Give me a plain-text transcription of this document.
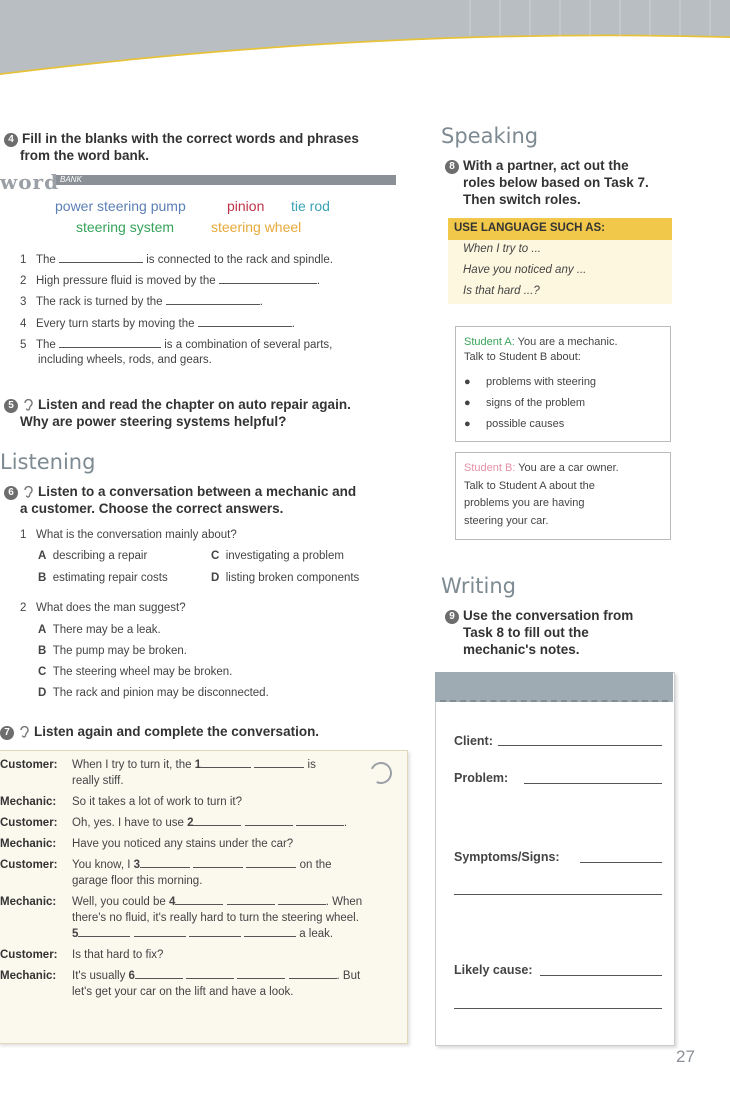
4 Fill in the blanks with the correct words and phrases
from the word bank.
word BANK
power steering pump	pinion tie rod
steering system	steering wheel
1 The	is connected to the rack and spindle.
2 High pressure fluid is moved by the	.
3 The rack is turned by the	.
4 Every turn starts by moving the	.
5 The	is a combination of several parts,
including wheels, rods, and gears.
5 Listen and read the chapter on auto repair again.
Why are power steering systems helpful?
Listening
6 Listen to a conversation between a mechanic and
a customer. Choose the correct answers.
1 What is the conversation mainly about?
A describing a repair	C investigating a problem
B estimating repair costs	D listing broken components
2 What does the man suggest?
A There may be a leak.
B The pump may be broken.
C The steering wheel may be broken.
D The rack and pinion may be disconnected.
7 Listen again and complete the conversation.
Customer:	When I try to turn it, the 1 is
really stiff.
Mechanic:	So it takes a lot of work to turn it?
Customer:	Oh, yes. I have to use 2 .
Mechanic:	Have you noticed any stains under the car?
Customer:	You know, I 3 on the
garage floor this morning.
Mechanic:	Well, you could be 4 . When
there's no fluid, it's really hard to turn the steering wheel.
5 a leak.
Customer:	Is that hard to fix?
Mechanic:	It's usually 6 . But
let's get your car on the lift and have a look.
Speaking
8 With a partner, act out the
roles below based on Task 7.
Then switch roles.
USE LANGUAGE SUCH AS:
When I try to ...
Have you noticed any ...
Is that hard ...?
Student A: You are a mechanic.
Talk to Student B about:
● problems with steering
● signs of the problem
● possible causes
Student B: You are a car owner.
Talk to Student A about the
problems you are having
steering your car.
Writing
9 Use the conversation from
Task 8 to fill out the
mechanic's notes.
Client:
Problem:
Symptoms/Signs:
Likely cause:
27
